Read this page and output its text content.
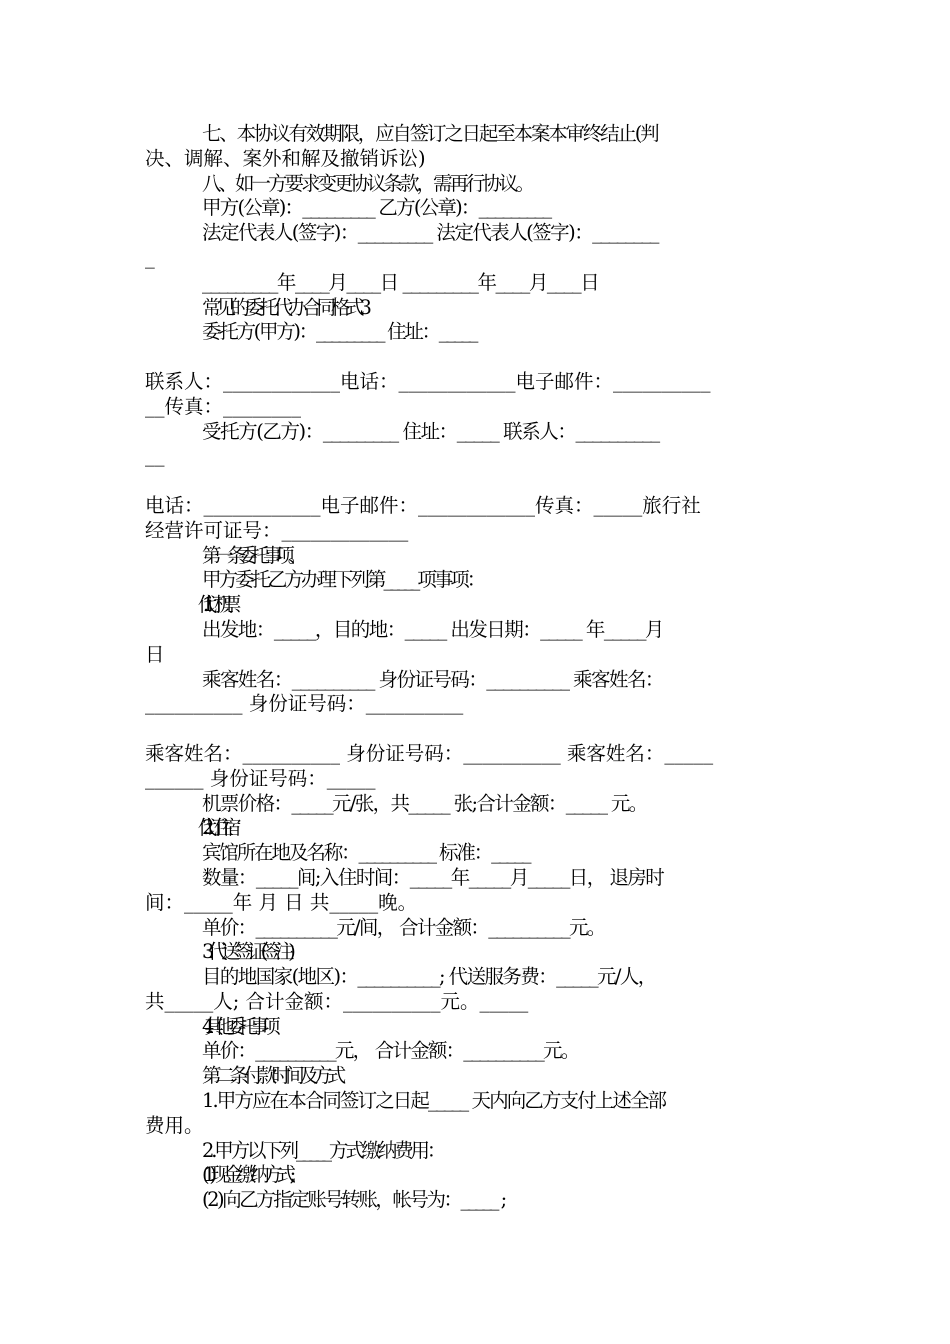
七、本协议有效期限，应自签订之日起至本案本审终结止(判
决、调解、案外和解及撤销诉讼)
八、如一方要求变更协议条款，需再行协议。
甲方(公章)：_________ 乙方(公章)：_________
法定代表人(签字)：_________ 法定代表人(签字)：________
_
_________年____月____日 _________年____月____日
常见的委托代办合同格式3
委托方(甲方)：_________ 住址：_____
联系人：____________电话：____________电子邮件：__________
__传真：________
受托方(乙方)：_________ 住址：_____ 联系人：__________
__
电话：____________电子邮件：____________传真：_____旅行社
经营许可证号：_____________
第一条 委托事项。
甲方委托乙方办理下列第_____项事项：
1.代订机票
出发地：_____，目的地：_____ 出发日期：_____ 年_____月
日
乘客姓名：__________ 身份证号码：__________ 乘客姓名：
__________ 身份证号码：__________
乘客姓名：__________ 身份证号码：__________ 乘客姓名：_____
______ 身份证号码：_____
机票价格：_____元/张，共_____ 张;合计金额：_____ 元。
2.代订住宿
宾馆所在地及名称：__________ 标准：_____
数量：_____间;入住时间：_____年_____月_____日， 退房时
间：_____年 月 日 共_____晚。
单价：__________元/间， 合计金额：__________元。
3.代送签证(签注)
目的地国家(地区)：__________; 代送服务费：_____元/人，
共_____人; 合计金额：__________元。_____
4.其他委托事项
单价：__________元， 合计金额：__________元。
第二条 付款时间及方式
1.甲方应在本合同签订之日起_____ 天内向乙方支付上述全部
费用。
2.甲方以下列_____方式缴纳费用：
(1)现金缴纳方式;
(2)向乙方指定账号转账，帐号为：_____ ;
